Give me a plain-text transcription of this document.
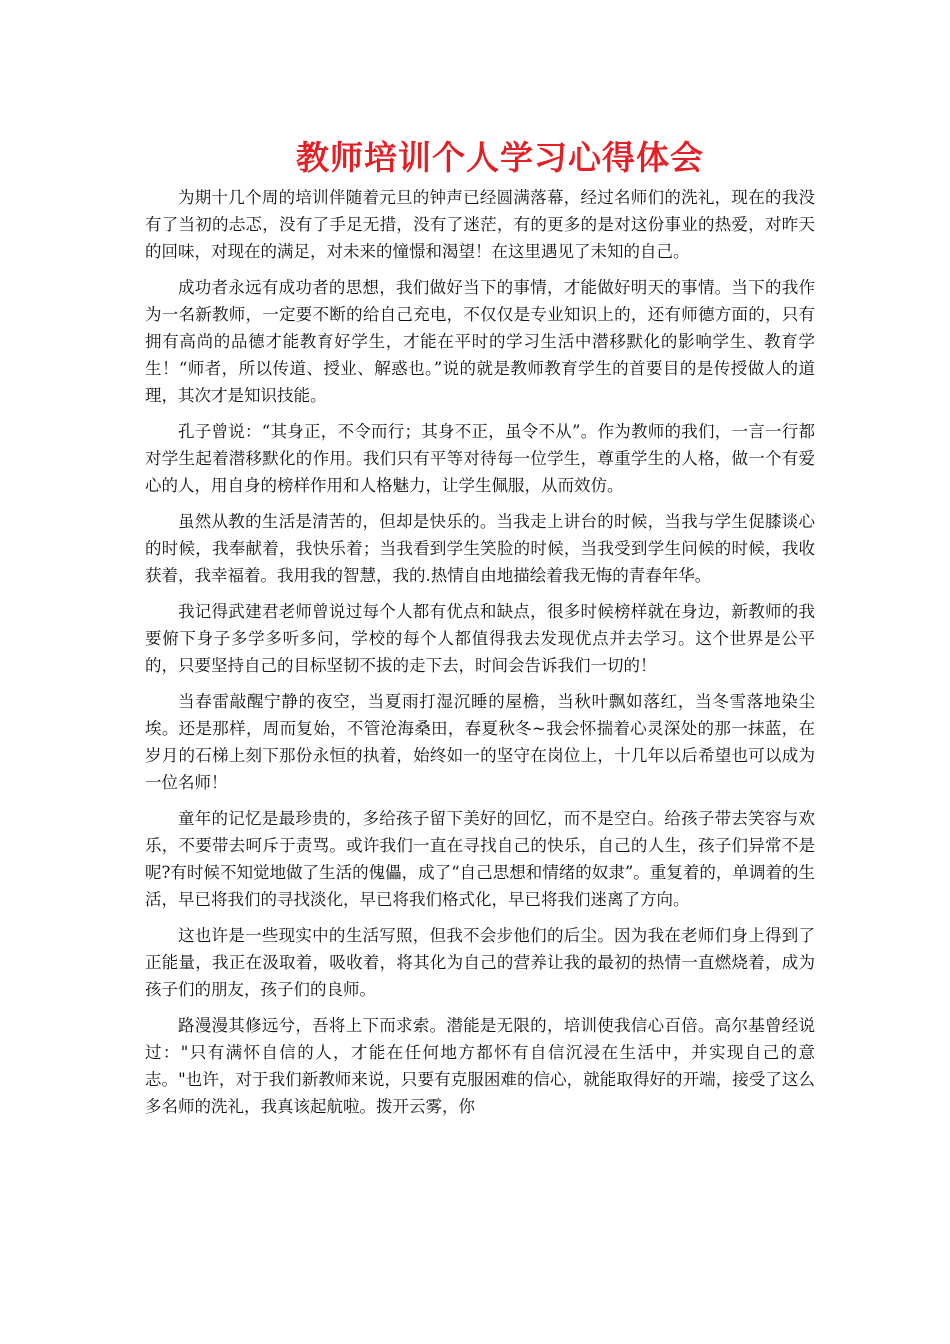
教师培训个人学习心得体会

为期十几个周的培训伴随着元旦的钟声已经圆满落幕，经过名师们的洗礼，现在的我没有了当初的忐忑，没有了手足无措，没有了迷茫，有的更多的是对这份事业的热爱，对昨天的回味，对现在的满足，对未来的憧憬和渴望！在这里遇见了未知的自己。

成功者永远有成功者的思想，我们做好当下的事情，才能做好明天的事情。当下的我作为一名新教师，一定要不断的给自己充电，不仅仅是专业知识上的，还有师德方面的，只有拥有高尚的品德才能教育好学生，才能在平时的学习生活中潜移默化的影响学生、教育学生！“师者，所以传道、授业、解惑也。”说的就是教师教育学生的首要目的是传授做人的道理，其次才是知识技能。

孔子曾说：“其身正，不令而行；其身不正，虽令不从”。作为教师的我们，一言一行都对学生起着潜移默化的作用。我们只有平等对待每一位学生，尊重学生的人格，做一个有爱心的人，用自身的榜样作用和人格魅力，让学生佩服，从而效仿。

虽然从教的生活是清苦的，但却是快乐的。当我走上讲台的时候，当我与学生促膝谈心的时候，我奉献着，我快乐着；当我看到学生笑脸的时候，当我受到学生问候的时候，我收获着，我幸福着。我用我的智慧，我的.热情自由地描绘着我无悔的青春年华。

我记得武建君老师曾说过每个人都有优点和缺点，很多时候榜样就在身边，新教师的我要俯下身子多学多听多问，学校的每个人都值得我去发现优点并去学习。这个世界是公平的，只要坚持自己的目标坚韧不拔的走下去，时间会告诉我们一切的！

当春雷敲醒宁静的夜空，当夏雨打湿沉睡的屋檐，当秋叶飘如落红，当冬雪落地染尘埃。还是那样，周而复始，不管沧海桑田，春夏秋冬~我会怀揣着心灵深处的那一抹蓝，在岁月的石梯上刻下那份永恒的执着，始终如一的坚守在岗位上，十几年以后希望也可以成为一位名师！

童年的记忆是最珍贵的，多给孩子留下美好的回忆，而不是空白。给孩子带去笑容与欢乐，不要带去呵斥于责骂。或许我们一直在寻找自己的快乐，自己的人生，孩子们异常不是呢?有时候不知觉地做了生活的傀儡，成了“自己思想和情绪的奴隶”。重复着的，单调着的生活，早已将我们的寻找淡化，早已将我们格式化，早已将我们迷离了方向。

这也许是一些现实中的生活写照，但我不会步他们的后尘。因为我在老师们身上得到了正能量，我正在汲取着，吸收着，将其化为自己的营养让我的最初的热情一直燃烧着，成为孩子们的朋友，孩子们的良师。

路漫漫其修远兮，吾将上下而求索。潜能是无限的，培训使我信心百倍。高尔基曾经说过："只有满怀自信的人，才能在任何地方都怀有自信沉浸在生活中，并实现自己的意志。"也许，对于我们新教师来说，只要有克服困难的信心，就能取得好的开端，接受了这么多名师的洗礼，我真该起航啦。拨开云雾，你
